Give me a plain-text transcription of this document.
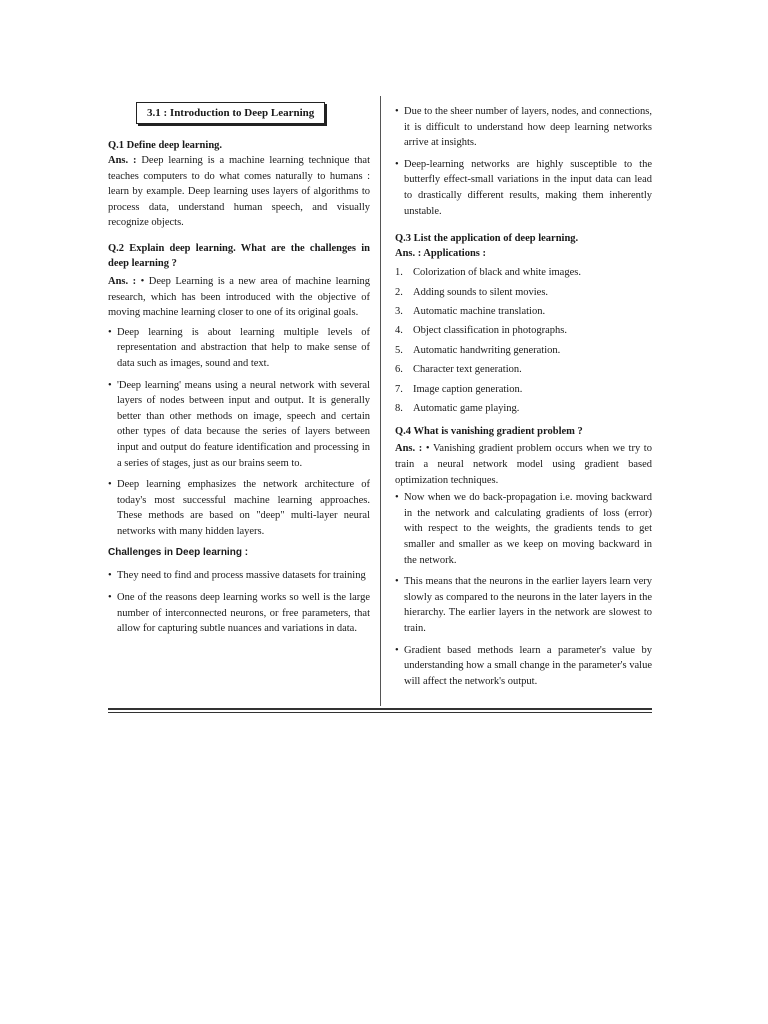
3.1 : Introduction to Deep Learning

Q.1 Define deep learning.

Ans. : Deep learning is a machine learning technique that teaches computers to do what comes naturally to humans : learn by example. Deep learning uses layers of algorithms to process data, understand human speech, and visually recognize objects.

Q.2 Explain deep learning. What are the challenges in deep learning ?

Ans. : • Deep Learning is a new area of machine learning research, which has been introduced with the objective of moving machine learning closer to one of its original goals.

• Deep learning is about learning multiple levels of representation and abstraction that help to make sense of data such as images, sound and text.
• 'Deep learning' means using a neural network with several layers of nodes between input and output. It is generally better than other methods on image, speech and certain other types of data because the series of layers between input and output do feature identification and processing in a series of stages, just as our brains seem to.
• Deep learning emphasizes the network architecture of today's most successful machine learning approaches. These methods are based on "deep" multi-layer neural networks with many hidden layers.

Challenges in Deep learning :

• They need to find and process massive datasets for training
• One of the reasons deep learning works so well is the large number of interconnected neurons, or free parameters, that allow for capturing subtle nuances and variations in data.
• Due to the sheer number of layers, nodes, and connections, it is difficult to understand how deep learning networks arrive at insights.
• Deep-learning networks are highly susceptible to the butterfly effect-small variations in the input data can lead to drastically different results, making them inherently unstable.

Q.3 List the application of deep learning.

Ans. : Applications :

1. Colorization of black and white images.
2. Adding sounds to silent movies.
3. Automatic machine translation.
4. Object classification in photographs.
5. Automatic handwriting generation.
6. Character text generation.
7. Image caption generation.
8. Automatic game playing.

Q.4 What is vanishing gradient problem ?

Ans. : • Vanishing gradient problem occurs when we try to train a neural network model using gradient based optimization techniques.

• Now when we do back-propagation i.e. moving backward in the network and calculating gradients of loss (error) with respect to the weights, the gradients tends to get smaller and smaller as we keep on moving backward in the network.
• This means that the neurons in the earlier layers learn very slowly as compared to the neurons in the later layers in the hierarchy. The earlier layers in the network are slowest to train.
• Gradient based methods learn a parameter's value by understanding how a small change in the parameter's value will affect the network's output.
